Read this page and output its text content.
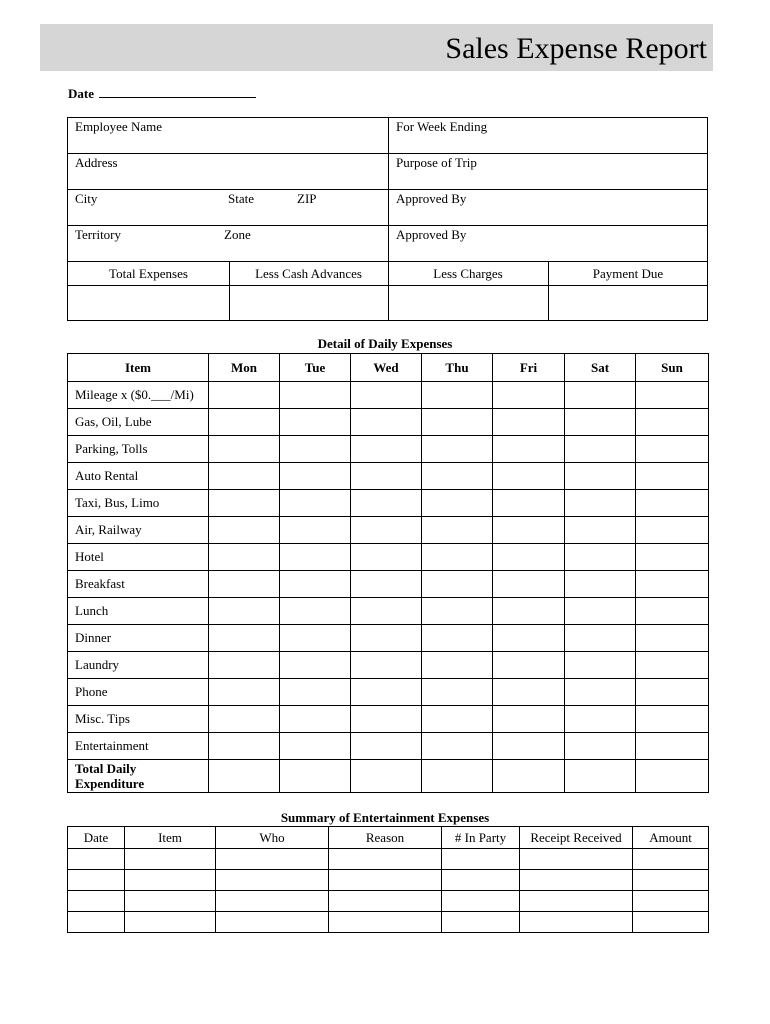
Sales Expense Report
Date
Employee Name	For Week Ending
Address	Purpose of Trip
City	State	ZIP	Approved By
Territory	Zone	Approved By
Total Expenses	Less Cash Advances	Less Charges	Payment Due
Detail of Daily Expenses
Item	Mon	Tue	Wed	Thu	Fri	Sat	Sun
Mileage x ($0.___/Mi)							
Gas, Oil, Lube							
Parking, Tolls							
Auto Rental							
Taxi, Bus, Limo							
Air, Railway							
Hotel							
Breakfast							
Lunch							
Dinner							
Laundry							
Phone							
Misc. Tips							
Entertainment							
Total Daily Expenditure							
Summary of Entertainment Expenses
Date	Item	Who	Reason	# In Party	Receipt Received	Amount
